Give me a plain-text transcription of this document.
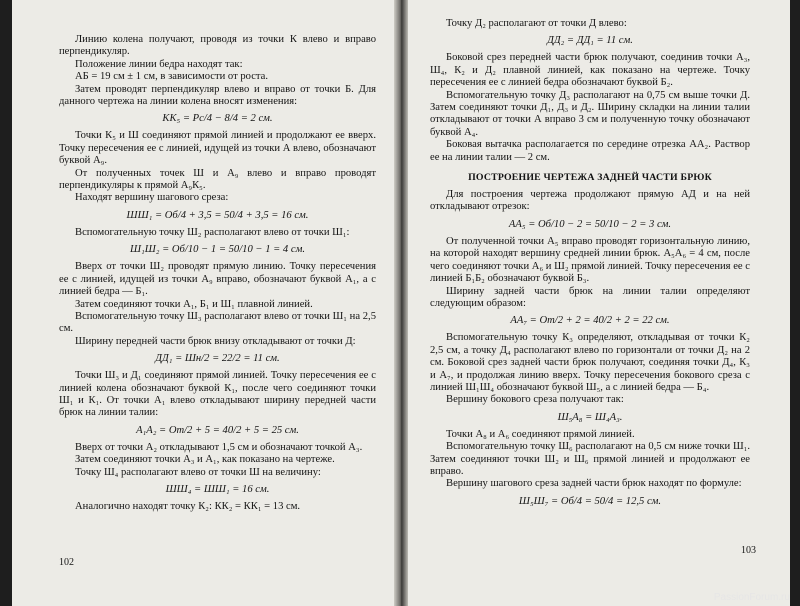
Линию колена получают, проводя из точки К влево и вправо перпендикуляр.

Положение линии бедра находят так:

АБ = 19 см ± 1 см, в зависимости от роста.

Затем проводят перпендикуляр влево и вправо от точки Б. Для данного чертежа на линии колена вносят изменения:

KK₅ = Рс/4 − 8/4 = 2 см.

Точки К₅ и Ш соединяют прямой линией и продолжают ее вверх. Точку пересечения ее с линией, идущей из точки А влево, обозначают буквой А₉.

От полученных точек Ш и А₉ влево и вправо проводят перпендикуляры к прямой А₉К₅.

Находят вершину шагового среза:

ШШ₁ = Об/4 + 3,5 = 50/4 + 3,5 = 16 см.

Вспомогательную точку Ш₂ располагают влево от точки Ш₁:

Ш₁Ш₂ = Об/10 − 1 = 50/10 − 1 = 4 см.

Вверх от точки Ш₂ проводят прямую линию. Точку пересечения ее с линией, идущей из точки А₉ вправо, обозначают буквой А₁, а с линией бедра — Б₁.

Затем соединяют точки А₁, Б₁ и Ш₁ плавной линией.

Вспомогательную точку Ш₃ располагают влево от точки Ш₁ на 2,5 см.

Ширину передней части брюк внизу откладывают от точки Д:

ДД₁ = Шн/2 = 22/2 = 11 см.

Точки Ш₃ и Д₁ соединяют прямой линией. Точку пересечения ее с линией колена обозначают буквой К₁, после чего соединяют точки Ш₁ и К₁. От точки А₁ влево откладывают ширину передней части брюк на линии талии:

А₁А₂ = От/2 + 5 = 40/2 + 5 = 25 см.

Вверх от точки А₂ откладывают 1,5 см и обозначают точкой А₃.

Затем соединяют точки А₃ и А₁, как показано на чертеже.

Точку Ш₄ располагают влево от точки Ш на величину:

ШШ₄ = ШШ₁ = 16 см.

Аналогично находят точку К₂: КК₂ = КК₁ = 13 см.

102

Точку Д₂ располагают от точки Д влево:

ДД₂ = ДД₁ = 11 см.

Боковой срез передней части брюк получают, соединив точки А₃, Ш₄, К₂ и Д₂ плавной линией, как показано на чертеже. Точку пересечения ее с линией бедра обозначают буквой Б₂.

Вспомогательную точку Д₃ располагают на 0,75 см выше точки Д. Затем соединяют точки Д₁, Д₃ и Д₂. Ширину складки на линии талии откладывают от точки А вправо 3 см и полученную точку обозначают буквой А₄.

Боковая вытачка располагается по середине отрезка АА₂. Раствор ее на линии талии — 2 см.

ПОСТРОЕНИЕ ЧЕРТЕЖА ЗАДНЕЙ ЧАСТИ БРЮК

Для построения чертежа продолжают прямую АД и на ней откладывают отрезок:

АА₅ = Об/10 − 2 = 50/10 − 2 = 3 см.

От полученной точки А₅ вправо проводят горизонтальную линию, на которой находят вершину средней линии брюк. А₅А₆ = 4 см, после чего соединяют точки А₆ и Ш₂ прямой линией. Точку пересечения ее с линией Б₁Б₂ обозначают буквой Б₃.

Ширину задней части брюк на линии талии определяют следующим образом:

АА₇ = От/2 + 2 = 40/2 + 2 = 22 см.

Вспомогательную точку К₃ определяют, откладывая от точки К₂ 2,5 см, а точку Д₄ располагают влево по горизонтали от точки Д₂ на 2 см. Боковой срез задней части брюк получают, соединяя точки Д₄, К₃ и А₇, и продолжая линию вверх. Точку пересечения бокового среза с линией Ш₁Ш₄ обозначают буквой Ш₅, а с линией бедра — Б₄.

Вершину бокового среза получают так:

Ш₅А₈ = Ш₄А₃.

Точки А₈ и А₆ соединяют прямой линией.

Вспомогательную точку Ш₆ располагают на 0,5 см ниже точки Ш₁. Затем соединяют точки Ш₂ и Ш₆ прямой линией и продолжают ее вправо.

Вершину шагового среза задней части брюк находят по формуле:

Ш₅Ш₇ = Об/4 = 50/4 = 12,5 см.

103
PassionForum.ru
